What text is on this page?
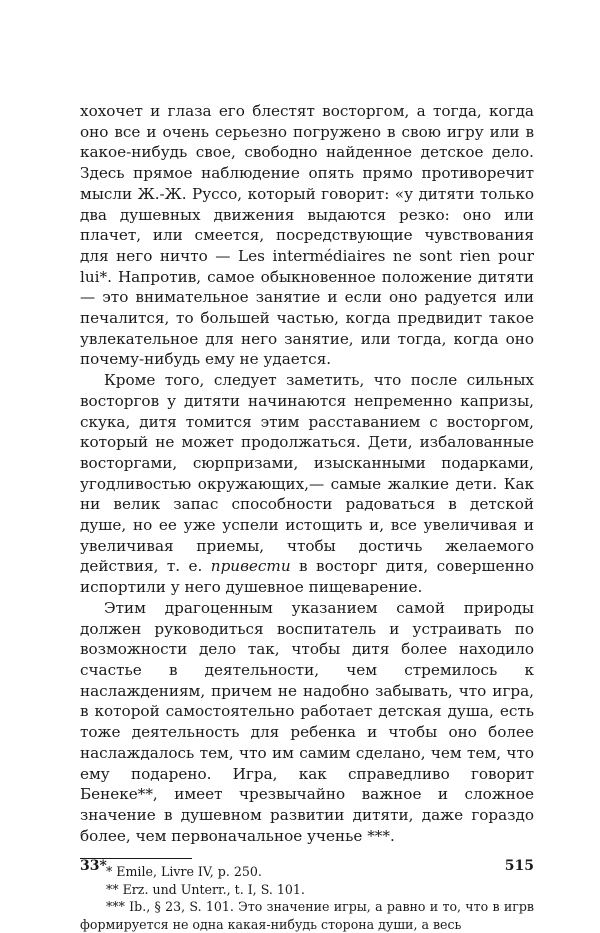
хохочет и глаза его блестят восторгом, а тогда, когда оно все и очень серьезно погружено в свою игру или в какое-нибудь свое, свободно найденное детское дело. Здесь прямое наблюдение опять прямо противоречит мысли Ж.-Ж. Руссо, который говорит: «у дитяти только два душевных движения выдаются резко: оно или плачет, или смеется, посредствующие чувствования для него ничто — Les intermédiaires ne sont rien pour lui*. Напротив, самое обыкновенное положение дитяти— это внимательное занятие и если оно радуется или печалится, то большей частью, когда предвидит такое увлекательное для него занятие, или тогда, когда оно почему-нибудь ему не удается.

Кроме того, следует заметить, что после сильных восторгов у дитяти начинаются непременно капризы, скука, дитя томится этим расставанием с восторгом, который не может продолжаться. Дети, избалованные восторгами, сюрпризами, изысканными подарками, угодливостью окружающих,— самые жалкие дети. Как ни велик запас способности радоваться в детской душе, но ее уже успели истощить и, все увеличивая и увеличивая приемы, чтобы достичь желаемого действия, т. е. привести в восторг дитя, совершенно испортили у него душевное пищеварение.

Этим драгоценным указанием самой природы должен руководиться воспитатель и устраивать по возможности дело так, чтобы дитя более находило счастье в деятельности, чем стремилось к наслаждениям, причем не надобно забывать, что игра, в которой самостоятельно работает детская душа, есть тоже деятельность для ребенка и чтобы оно более наслаждалось тем, что им самим сделано, чем тем, что ему подарено. Игра, как справедливо говорит Бенеке**, имеет чрезвычайно важное и сложное значение в душевном развитии дитяти, даже гораздо более, чем первоначальное ученье ***.

* Emile, Livre IV, p. 250.

** Erz. und Unterr., t. I, S. 101.

*** Ib., § 23, S. 101. Это значение игры, а равно и то, что в игрв формируется не одна какая-нибудь сторона души, а весь

33*	515
